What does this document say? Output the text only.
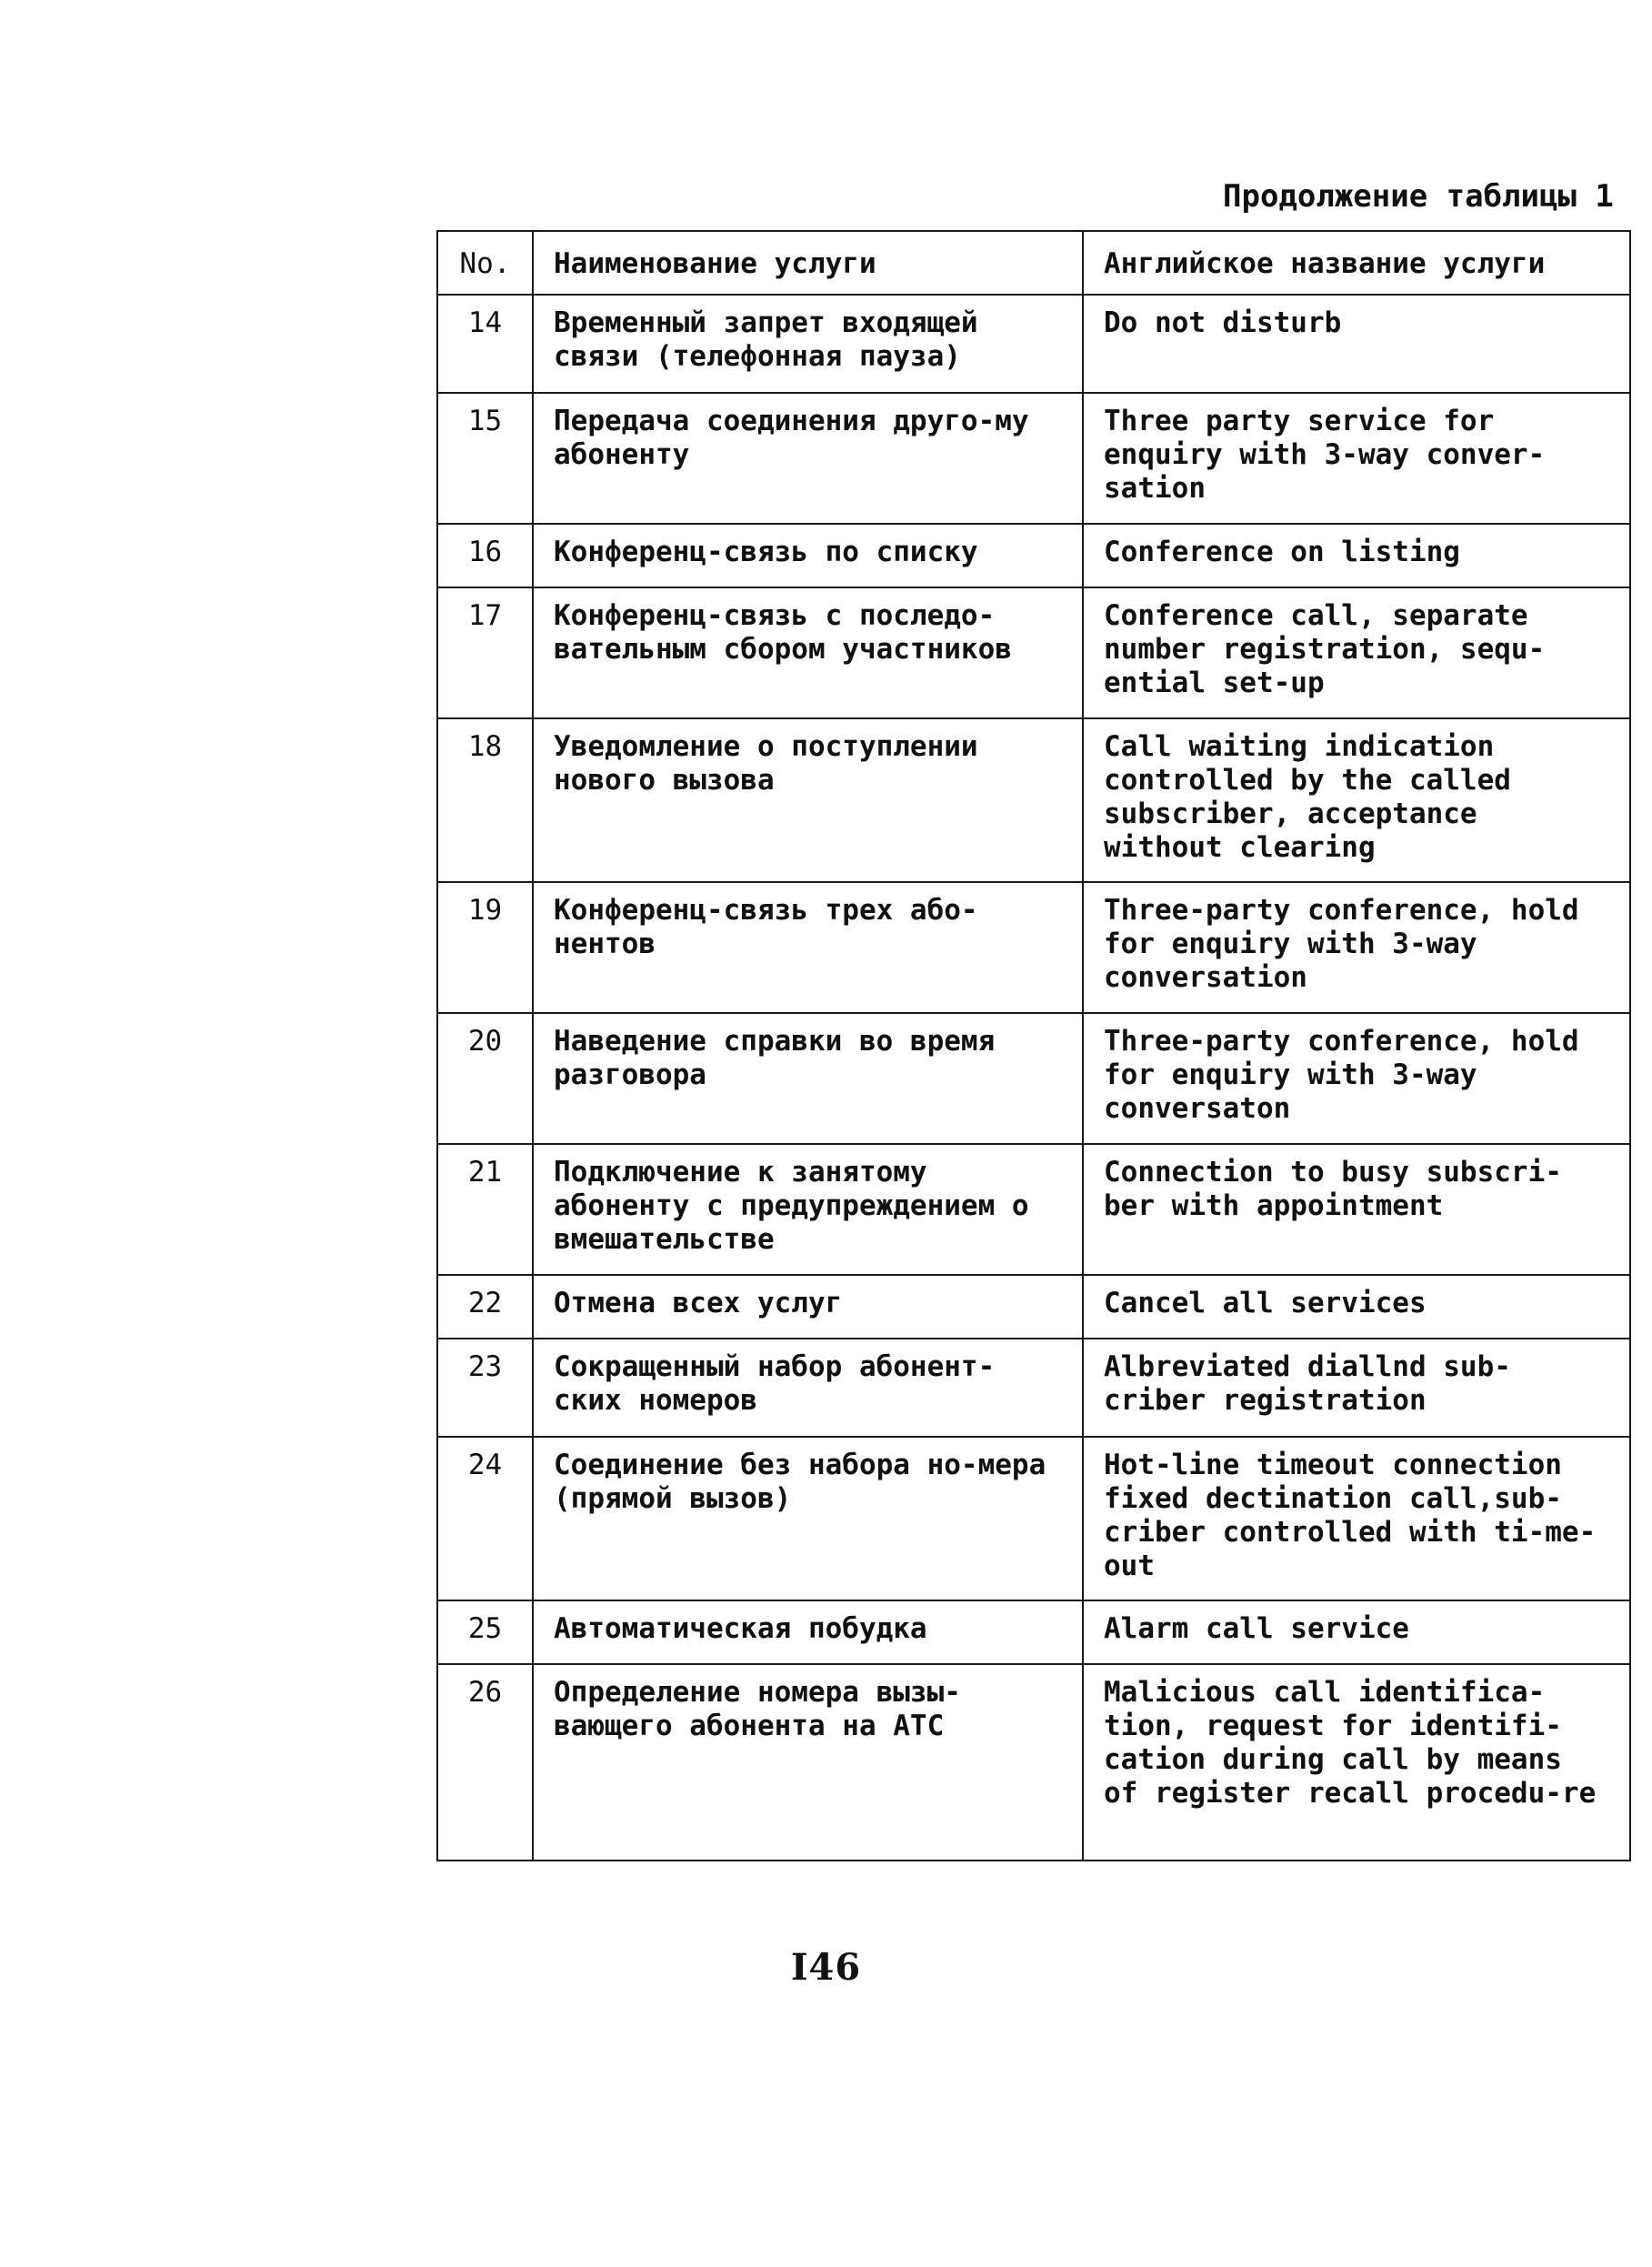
Продолжение таблицы 1
No.	Наименование услуги	Английское название услуги
14	Временный запрет входящей связи (телефонная пауза)	Do not disturb
15	Передача соединения друго-му абоненту	Three party service for enquiry with 3-way conver-sation
16	Конференц-связь по списку	Conference on listing
17	Конференц-связь с последо-вательным сбором участников	Conference call, separate number registration, sequ-ential set-up
18	Уведомление о поступлении нового вызова	Call waiting indication controlled by the called subscriber, acceptance without clearing
19	Конференц-связь трех або-нентов	Three-party conference, hold for enquiry with 3-way conversation
20	Наведение справки во время разговора	Three-party conference, hold for enquiry with 3-way conversaton
21	Подключение к занятому абоненту с предупреждением о вмешательстве	Connection to busy subscri-ber with appointment
22	Отмена всех услуг	Cancel all services
23	Сокращенный набор абонент-ских номеров	Albreviated diallnd sub-criber registration
24	Соединение без набора но-мера (прямой вызов)	Hot-line timeout connection fixed dectination call,sub-criber controlled with ti-me-out
25	Автоматическая побудка	Alarm call service
26	Определение номера вызы-вающего абонента на АТС	Malicious call identifica-tion, request for identifi-cation during call by means of register recall procedu-re
I46
